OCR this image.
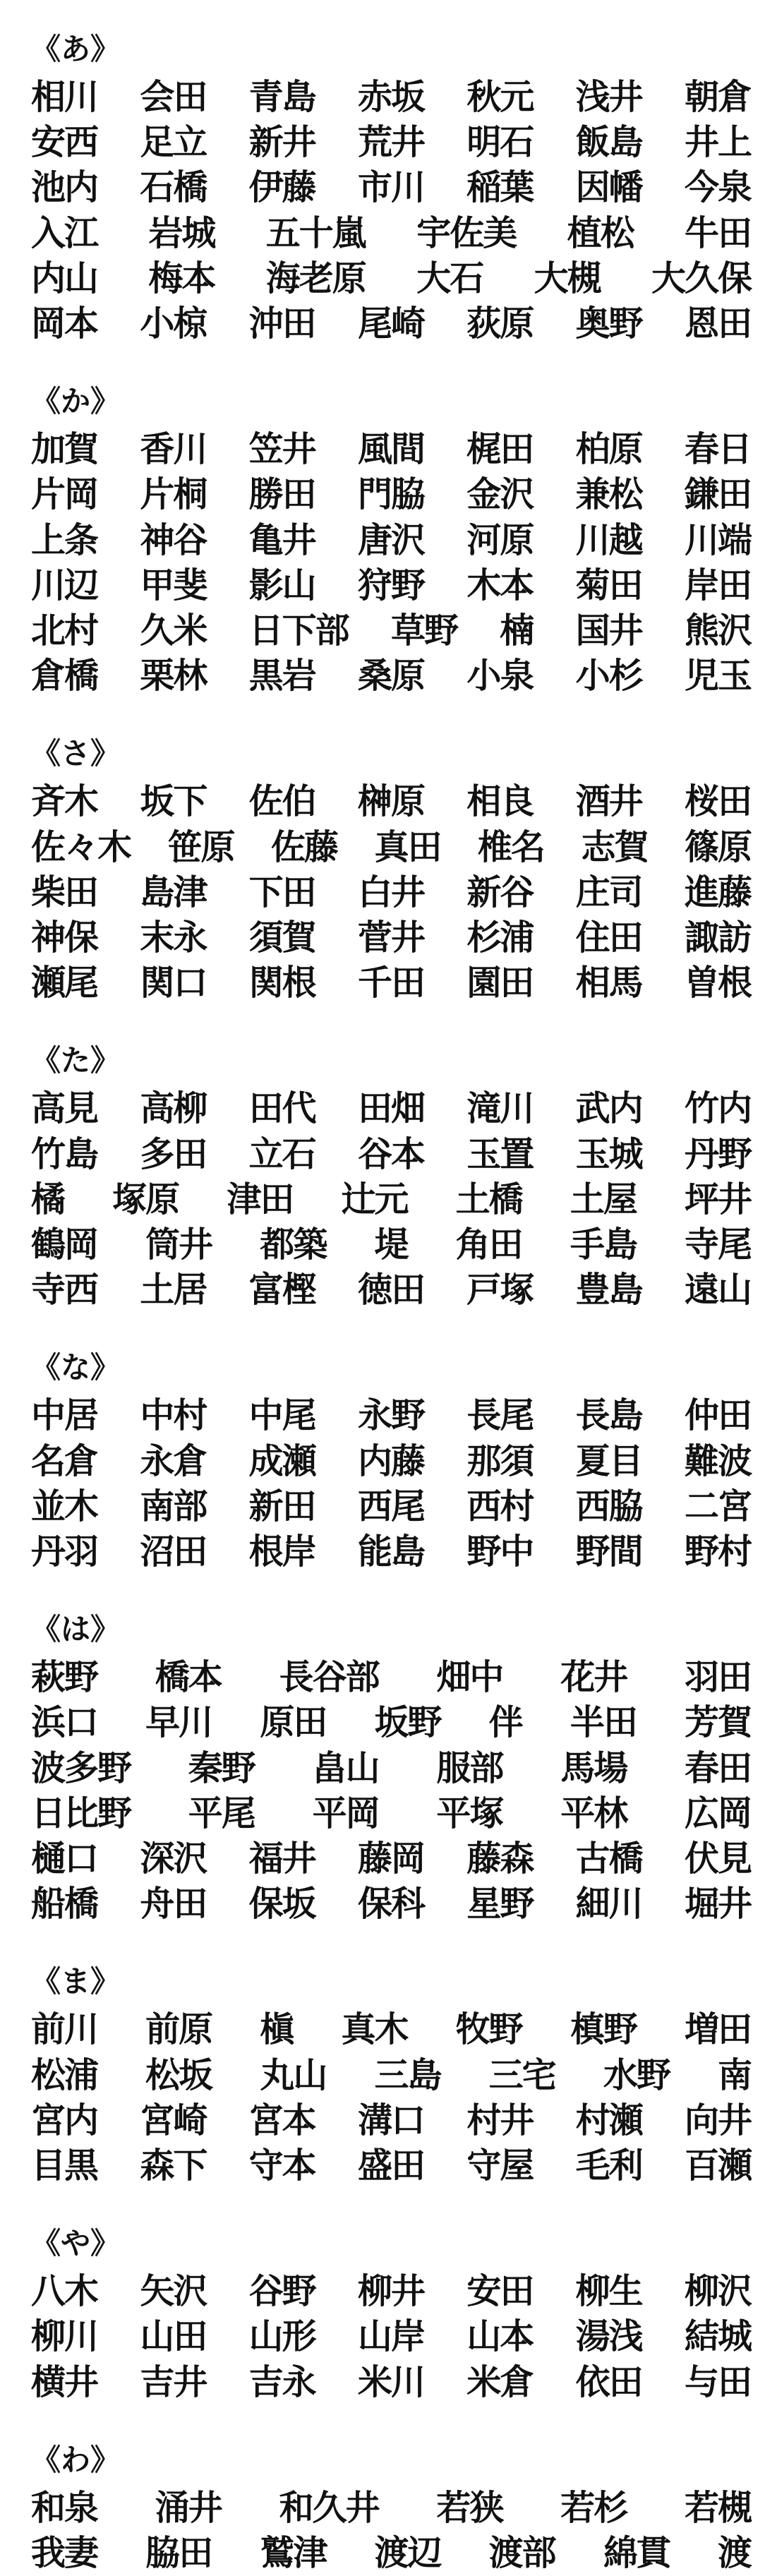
《あ》
相川 会田 青島 赤坂 秋元 浅井 朝倉
安西 足立 新井 荒井 明石 飯島 井上
池内 石橋 伊藤 市川 稲葉 因幡 今泉
入江 岩城 五十嵐 宇佐美 植松 牛田
内山 梅本 海老原 大石 大槻 大久保
岡本 小椋 沖田 尾崎 荻原 奥野 恩田
《か》
加賀 香川 笠井 風間 梶田 柏原 春日
片岡 片桐 勝田 門脇 金沢 兼松 鎌田
上条 神谷 亀井 唐沢 河原 川越 川端
川辺 甲斐 影山 狩野 木本 菊田 岸田
北村 久米 日下部 草野 楠 国井 熊沢
倉橋 栗林 黒岩 桑原 小泉 小杉 児玉
《さ》
斉木 坂下 佐伯 榊原 相良 酒井 桜田
佐々木 笹原 佐藤 真田 椎名 志賀 篠原
柴田 島津 下田 白井 新谷 庄司 進藤
神保 末永 須賀 菅井 杉浦 住田 諏訪
瀬尾 関口 関根 千田 園田 相馬 曽根
《た》
高見 高柳 田代 田畑 滝川 武内 竹内
竹島 多田 立石 谷本 玉置 玉城 丹野
橘 塚原 津田 辻元 土橋 土屋 坪井
鶴岡 筒井 都築 堤 角田 手島 寺尾
寺西 土居 富樫 徳田 戸塚 豊島 遠山
《な》
中居 中村 中尾 永野 長尾 長島 仲田
名倉 永倉 成瀬 内藤 那須 夏目 難波
並木 南部 新田 西尾 西村 西脇 二宮
丹羽 沼田 根岸 能島 野中 野間 野村
《は》
萩野 橋本 長谷部 畑中 花井 羽田
浜口 早川 原田 坂野 伴 半田 芳賀
波多野 秦野 畠山 服部 馬場 春田
日比野 平尾 平岡 平塚 平林 広岡
樋口 深沢 福井 藤岡 藤森 古橋 伏見
船橋 舟田 保坂 保科 星野 細川 堀井
《ま》
前川 前原 槇 真木 牧野 槙野 増田
松浦 松坂 丸山 三島 三宅 水野 南
宮内 宮崎 宮本 溝口 村井 村瀬 向井
目黒 森下 守本 盛田 守屋 毛利 百瀬
《や》
八木 矢沢 谷野 柳井 安田 柳生 柳沢
柳川 山田 山形 山岸 山本 湯浅 結城
横井 吉井 吉永 米川 米倉 依田 与田
《わ》
和泉 涌井 和久井 若狭 若杉 若槻
我妻 脇田 鷲津 渡辺 渡部 綿貫 渡
